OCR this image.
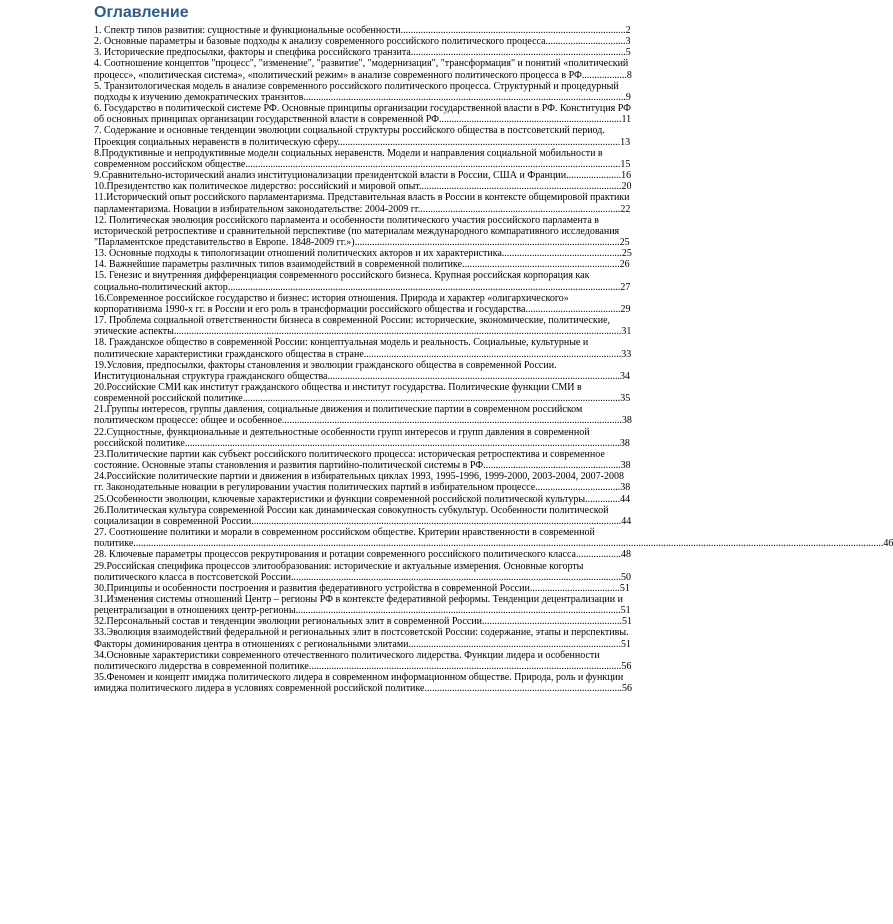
Оглавление

1. Спектр типов развития: сущностные и функциональные особенности..........................................................................................2

2. Основные параметры и базовые подходы к анализу современного российского политического процесса................................3

3. Исторические предпосылки, факторы и спецфика российского транзита......................................................................................5

4. Соотношение концептов "процесс", "изменение", "развитие", "модернизация", "трансформация" и понятий «политический процесс», «политическая система», «политический режим» в анализе современного политического процесса в РФ..................8

5. Транзитологическая модель в анализе современного российского политического процесса. Структурный и процедурный подходы к изучению демократических транзитов.................................................................................................................................9

6. Государство в политической системе РФ. Основные принципы организации государственной власти в РФ. Конституция РФ об основных принципах организации государственной власти в современной РФ.........................................................................11

7. Содержание и основные тенденции эволюции социальной структуры российского общества в постсоветский период. Проекция социальных неравенств в политическую сферу.................................................................................................................13

8.Продуктивные и непродуктивные модели социальных неравенств. Модели и направления социальной мобильности в современном российском обществе......................................................................................................................................................15

9.Сравнительно-исторический анализ институционализации президентской власти в России, США и Франции......................16

10.Президентство как политическое лидерство: российский и мировой опыт.................................................................................20

11.Исторический опыт российского парламентаризма. Представительная власть в России в контексте общемировой практики парламентаризма. Новации в избирательном законодательстве: 2004-2009 гг.................................................................................22

12. Политическая эволюция российского парламента и особенности политического участия российского парламента в исторической ретроспективе и сравнительной перспективе (по материалам международного компаративного исследования "Парламентское представительство в Европе. 1848-2009 гг.»)..........................................................................................................25

13. Основные подходы к типологизации отношений политических акторов и их характеристика................................................25

14. Важнейшие параметры различных типов взаимодействий в современной политике...............................................................26

15. Генезис и внутренняя дифференциация современного российского бизнеса. Крупная российская корпорация как социально-политический актор.............................................................................................................................................................27

16.Современное российское государство и бизнес: история отношения. Природа и характер «олигархического» корпоративизма 1990-х гг. в России и его роль в трансформации российского общества и государства......................................29

17. Проблема социальной ответственности бизнеса в современной России: исторические, экономические, политические, этические аспекты...................................................................................................................................................................................31

18. Гражданское общество в современной России: концептуальная модель и реальность. Социальные, культурные и политические характеристики гражданского общества в стране.......................................................................................................33

19.Условия, предпосылки, факторы становления и эволюции гражданского общества в современной России. Институциональная структура гражданского общества.....................................................................................................................34

20.Российские СМИ как институт гражданского общества и институт государства. Политические функции СМИ в современной российской политике.......................................................................................................................................................35

21.Группы интересов, группы давления, социальные движения и политические партии в современном российском политическом процессе: общее и особенное........................................................................................................................................38

22.Сущностные, функциональные и деятельностные особенности групп интересов и групп давления в современной российской политике..............................................................................................................................................................................38

23.Политические партии как субъект российского политического процесса: историческая ретроспектива и современное состояние. Основные этапы становления и развития партийно-политической системы в РФ.......................................................38

24.Российские политические партии и движения в избирательных циклах 1993, 1995-1996, 1999-2000, 2003-2004, 2007-2008 гг. Законодательные новации в регулировании участия политических партий в избирательном процессе..................................38

25.Особенности эволюции, ключевые характеристики и функции современной российской политической культуры..............44

26.Политическая культура современной России как динамическая совокупность субкультур. Особенности политической социализации в современной России....................................................................................................................................................44

27. Соотношение политики и морали в современном российском обществе. Критерии нравственности в современной политике............................................................................................................................................................................................................................................................................................................46

28. Ключевые параметры процессов рекрутирования и ротации современного российского политического класса..................48

29.Российская специфика процессов элитообразования: исторические и актуальные измерения. Основные когорты политического класса в постсоветской России....................................................................................................................................50

30.Принципы и особенности построения и развития федеративного устройства в современной России....................................51

31.Изменения системы отношений Центр – регионы РФ в контексте федеративной реформы. Тенденции децентрализации и рецентрализации в отношениях центр-регионы..................................................................................................................................51

32.Персональный состав и тенденции эволюции региональных элит в современной России........................................................51

33.Эволюция взаимодействий федеральной и региональных элит в постсоветской России: содержание, этапы и перспективы. Факторы доминирования центра в отношениях с региональными элитами.....................................................................................51

34.Основные характеристики современного отечественного политического лидерства. Функции лидера и особенности политического лидерства в современной политике.............................................................................................................................56

35.Феномен и концепт имиджа политического лидера в современном информационном обществе. Природа, роль и функции имиджа политического лидера в условиях современной российской политике...............................................................................56
